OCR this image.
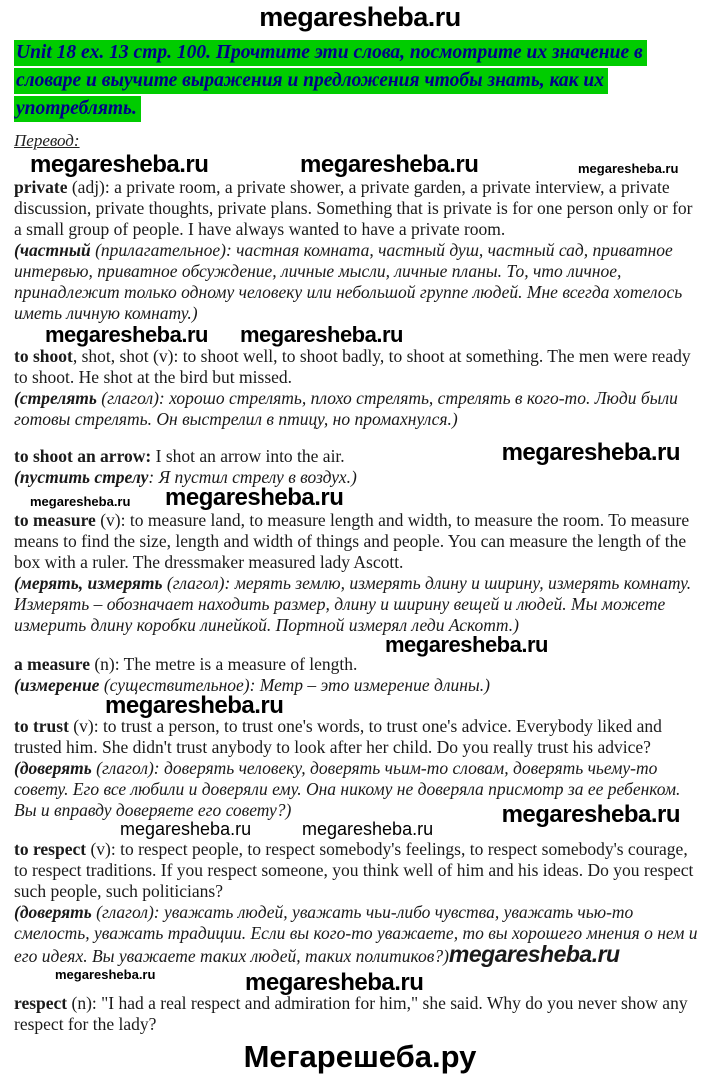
megaresheba.ru
Unit 18 ex. 13 стр. 100. Прочтите эти слова, посмотрите их значение в словаре и выучите выражения и предложения чтобы знать, как их употреблять.
Перевод:
megaresheba.ru	megaresheba.ru	megaresheba.ru

private (adj): a private room, a private shower, a private garden, a private interview, a private discussion, private thoughts, private plans. Something that is private is for one person only or for a small group of people. I have always wanted to have a private room.

(частный (прилагательное): частная комната, частный душ, частный сад, приватное интервью, приватное обсуждение, личные мысли, личные планы. То, что личное, принадлежит только одному человеку или небольшой группе людей. Мне всегда хотелось иметь личную комнату.)

megaresheba.ru megaresheba.ru

to shoot, shot, shot (v): to shoot well, to shoot badly, to shoot at something. The men were ready to shoot. He shot at the bird but missed.

(стрелять (глагол): хорошо стрелять, плохо стрелять, стрелять в кого-то. Люди были готовы стрелять. Он выстрелил в птицу, но промахнулся.)

megaresheba.ru

to shoot an arrow: I shot an arrow into the air.

(пустить стрелу: Я пустил стрелу в воздух.)

megaresheba.ru megaresheba.ru

to measure (v): to measure land, to measure length and width, to measure the room. To measure means to find the size, length and width of things and people. You can measure the length of the box with a ruler. The dressmaker measured lady Ascott.

(мерять, измерять (глагол): мерять землю, измерять длину и ширину, измерять комнату. Измерять – обозначает находить размер, длину и ширину вещей и людей. Мы можете измерить длину коробки линейкой. Портной измерял леди Аскотт.)

megaresheba.ru

a measure (n): The metre is a measure of length.

(измерение (существительное): Метр – это измерение длины.)

megaresheba.ru
megaresheba.ru

to trust (v): to trust a person, to trust one's words, to trust one's advice. Everybody liked and trusted him. She didn't trust anybody to look after her child. Do you really trust his advice?

(доверять (глагол): доверять человеку, доверять чьим-то словам, доверять чьему-то совету. Его все любили и доверяли ему. Она никому не доверяла присмотр за ее ребенком. Вы и вправду доверяете его совету?)

megaresheba.ru	megaresheba.ru

to respect (v): to respect people, to respect somebody's feelings, to respect somebody's courage, to respect traditions. If you respect someone, you think well of him and his ideas. Do you respect such people, such politicians?

(доверять (глагол): уважать людей, уважать чьи-либо чувства, уважать чью-то смелость, уважать традиции. Если вы кого-то уважаете, то вы хорошего мнения о нем и его идеях. Вы уважаете таких людей, таких политиков?)megaresheba.ru

megaresheba.ru	megaresheba.ru

respect (n): "I had a real respect and admiration for him," she said. Why do you never show any respect for the lady?

Мегарешеба.ру
